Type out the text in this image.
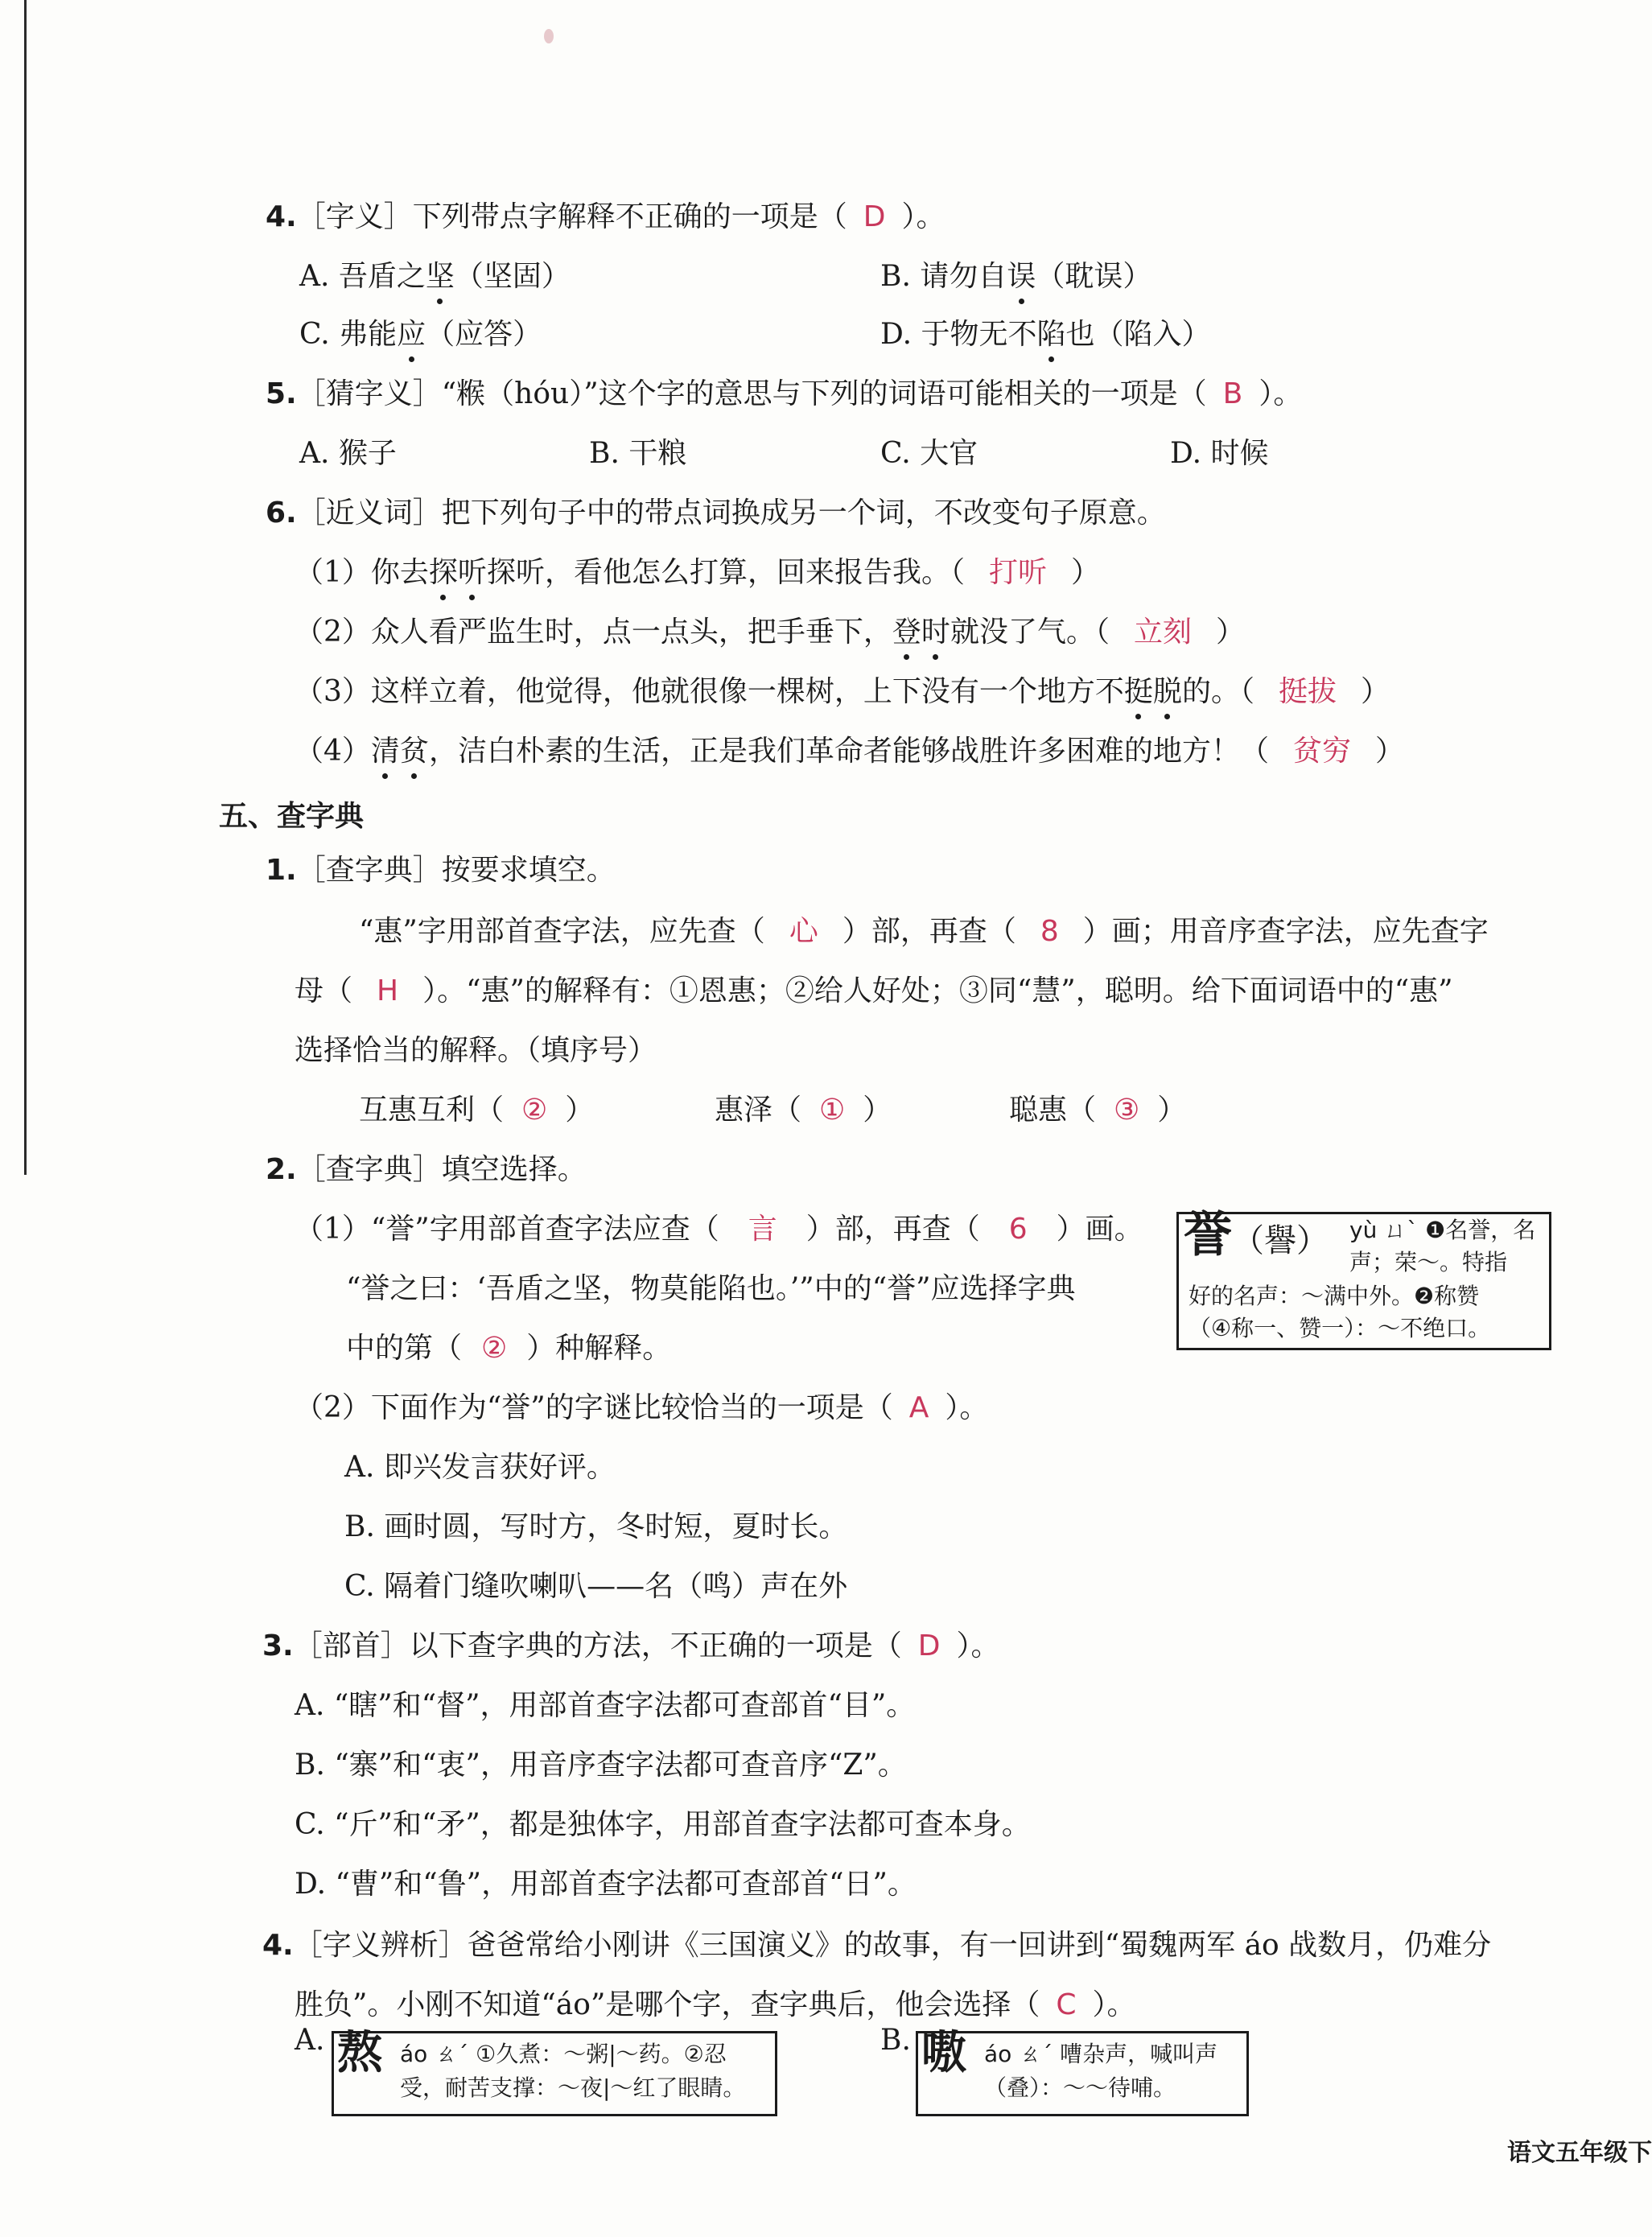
4.［字义］下列带点字解释不正确的一项是（ D ）。
A. 吾盾之坚（坚固）	B. 请勿自误（耽误）
C. 弗能应（应答）	D. 于物无不陷也（陷入）
5.［猜字义］“糇（hóu）”这个字的意思与下列的词语可能相关的一项是（ B ）。
A. 猴子	B. 干粮	C. 大官	D. 时候
6.［近义词］把下列句子中的带点词换成另一个词，不改变句子原意。
（1）你去探听探听，看他怎么打算，回来报告我。（ 打听 ）
（2）众人看严监生时，点一点头，把手垂下，登时就没了气。（ 立刻 ）
（3）这样立着，他觉得，他就很像一棵树，上下没有一个地方不挺脱的。（ 挺拔 ）
（4）清贫，洁白朴素的生活，正是我们革命者能够战胜许多困难的地方！（ 贫穷 ）
五、查字典
1.［查字典］按要求填空。
“惠”字用部首查字法，应先查（ 心 ）部，再查（ 8 ）画；用音序查字法，应先查字
母（ H ）。“惠”的解释有：①恩惠；②给人好处；③同“慧”，聪明。给下面词语中的“惠”
选择恰当的解释。（填序号）
互惠互利（ ② ）	惠泽（ ① ）	聪惠（ ③ ）
2.［查字典］填空选择。
（1）“誉”字用部首查字法应查（ 言 ）部，再查（ 6 ）画。
“誉之曰：‘吾盾之坚，物莫能陷也。’”中的“誉”应选择字典
中的第（ ② ）种解释。
誉（譽） yù ㄩˋ ❶名誉，名
声；荣～。特指
好的名声：～满中外。❷称赞
（④称一、赞一）：～不绝口。
（2）下面作为“誉”的字谜比较恰当的一项是（ A ）。
A. 即兴发言获好评。
B. 画时圆，写时方，冬时短，夏时长。
C. 隔着门缝吹喇叭——名（鸣）声在外
3.［部首］以下查字典的方法，不正确的一项是（ D ）。
A. “瞎”和“督”，用部首查字法都可查部首“目”。
B. “寨”和“衷”，用音序查字法都可查音序“Z”。
C. “斤”和“矛”，都是独体字，用部首查字法都可查本身。
D. “曹”和“鲁”，用部首查字法都可查部首“日”。
4.［字义辨析］爸爸常给小刚讲《三国演义》的故事，有一回讲到“蜀魏两军 áo 战数月，仍难分
胜负”。小刚不知道“áo”是哪个字，查字典后，他会选择（ C ）。
A. 熬 áo ㄠˊ ①久煮：～粥|～药。②忍
受，耐苦支撑：～夜|～红了眼睛。
B. 嗷 áo ㄠˊ 嘈杂声，喊叫声
（叠）：～～待哺。
语文五年级下
